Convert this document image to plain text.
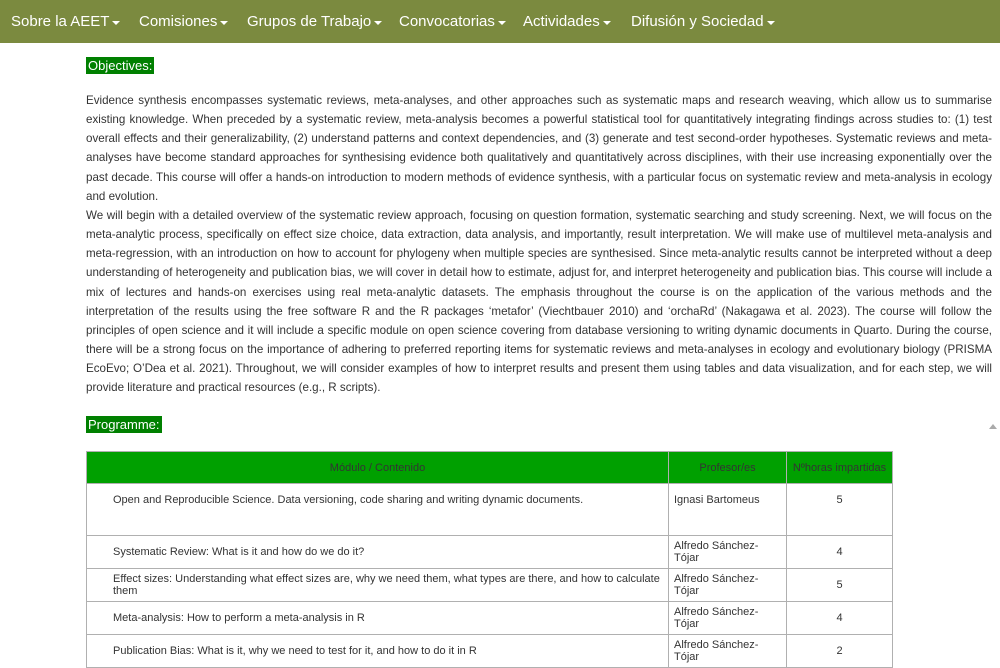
Sobre la AEET Comisiones Grupos de Trabajo Convocatorias Actividades Difusión y Sociedad
Objectives:

Evidence synthesis encompasses systematic reviews, meta-analyses, and other approaches such as systematic maps and research weaving, which allow us to summarise existing knowledge. When preceded by a systematic review, meta-analysis becomes a powerful statistical tool for quantitatively integrating findings across studies to: (1) test overall effects and their generalizability, (2) understand patterns and context dependencies, and (3) generate and test second-order hypotheses. Systematic reviews and meta-analyses have become standard approaches for synthesising evidence both qualitatively and quantitatively across disciplines, with their use increasing exponentially over the past decade. This course will offer a hands-on introduction to modern methods of evidence synthesis, with a particular focus on systematic review and meta-analysis in ecology and evolution.

We will begin with a detailed overview of the systematic review approach, focusing on question formation, systematic searching and study screening. Next, we will focus on the meta-analytic process, specifically on effect size choice, data extraction, data analysis, and importantly, result interpretation. We will make use of multilevel meta-analysis and meta-regression, with an introduction on how to account for phylogeny when multiple species are synthesised. Since meta-analytic results cannot be interpreted without a deep understanding of heterogeneity and publication bias, we will cover in detail how to estimate, adjust for, and interpret heterogeneity and publication bias. This course will include a mix of lectures and hands-on exercises using real meta-analytic datasets. The emphasis throughout the course is on the application of the various methods and the interpretation of the results using the free software R and the R packages ‘metafor’ (Viechtbauer 2010) and ‘orchaRd’ (Nakagawa et al. 2023). The course will follow the principles of open science and it will include a specific module on open science covering from database versioning to writing dynamic documents in Quarto. During the course, there will be a strong focus on the importance of adhering to preferred reporting items for systematic reviews and meta-analyses in ecology and evolutionary biology (PRISMA EcoEvo; O’Dea et al. 2021). Throughout, we will consider examples of how to interpret results and present them using tables and data visualization, and for each step, we will provide literature and practical resources (e.g., R scripts).

Programme:
Módulo / Contenido	Profesor/es	Nºhoras impartidas
Open and Reproducible Science. Data versioning, code sharing and writing dynamic documents.	Ignasi Bartomeus	5
Systematic Review: What is it and how do we do it?	Alfredo Sánchez-Tójar	4
Effect sizes: Understanding what effect sizes are, why we need them, what types are there, and how to calculate them	Alfredo Sánchez-Tójar	5
Meta-analysis: How to perform a meta-analysis in R	Alfredo Sánchez-Tójar	4
Publication Bias: What is it, why we need to test for it, and how to do it in R	Alfredo Sánchez-Tójar	2
